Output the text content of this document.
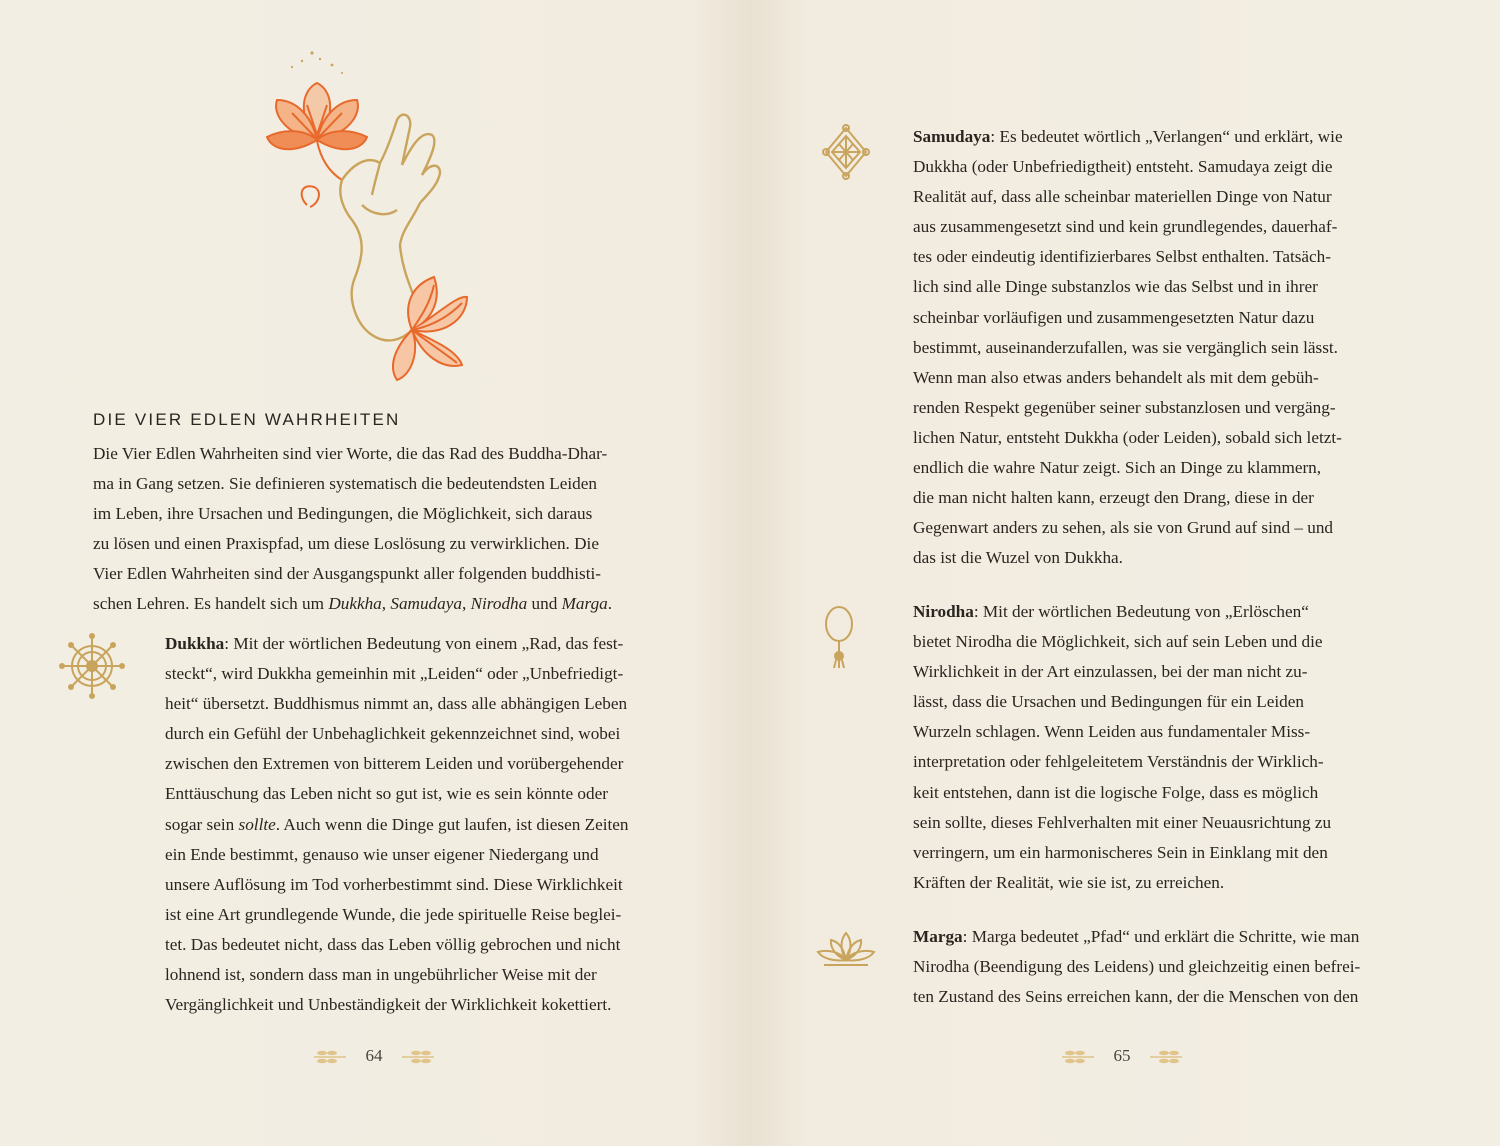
DIE VIER EDLEN WAHRHEITEN
Die Vier Edlen Wahrheiten sind vier Worte, die das Rad des Buddha-Dhar-
ma in Gang setzen. Sie definieren systematisch die bedeutendsten Leiden
im Leben, ihre Ursachen und Bedingungen, die Möglichkeit, sich daraus
zu lösen und einen Praxispfad, um diese Loslösung zu verwirklichen. Die
Vier Edlen Wahrheiten sind der Ausgangspunkt aller folgenden buddhisti-
schen Lehren. Es handelt sich um Dukkha, Samudaya, Nirodha und Marga.
Dukkha: Mit der wörtlichen Bedeutung von einem „Rad, das fest-
steckt“, wird Dukkha gemeinhin mit „Leiden“ oder „Unbefriedigt-
heit“ übersetzt. Buddhismus nimmt an, dass alle abhängigen Leben
durch ein Gefühl der Unbehaglichkeit gekennzeichnet sind, wobei
zwischen den Extremen von bitterem Leiden und vorübergehender
Enttäuschung das Leben nicht so gut ist, wie es sein könnte oder
sogar sein sollte. Auch wenn die Dinge gut laufen, ist diesen Zeiten
ein Ende bestimmt, genauso wie unser eigener Niedergang und
unsere Auflösung im Tod vorherbestimmt sind. Diese Wirklichkeit
ist eine Art grundlegende Wunde, die jede spirituelle Reise beglei-
tet. Das bedeutet nicht, dass das Leben völlig gebrochen und nicht
lohnend ist, sondern dass man in ungebührlicher Weise mit der
Vergänglichkeit und Unbeständigkeit der Wirklichkeit kokettiert.
64
Samudaya: Es bedeutet wörtlich „Verlangen“ und erklärt, wie
Dukkha (oder Unbefriedigtheit) entsteht. Samudaya zeigt die
Realität auf, dass alle scheinbar materiellen Dinge von Natur
aus zusammengesetzt sind und kein grundlegendes, dauerhaf-
tes oder eindeutig identifizierbares Selbst enthalten. Tatsäch-
lich sind alle Dinge substanzlos wie das Selbst und in ihrer
scheinbar vorläufigen und zusammengesetzten Natur dazu
bestimmt, auseinanderzufallen, was sie vergänglich sein lässt.
Wenn man also etwas anders behandelt als mit dem gebüh-
renden Respekt gegenüber seiner substanzlosen und vergäng-
lichen Natur, entsteht Dukkha (oder Leiden), sobald sich letzt-
endlich die wahre Natur zeigt. Sich an Dinge zu klammern,
die man nicht halten kann, erzeugt den Drang, diese in der
Gegenwart anders zu sehen, als sie von Grund auf sind – und
das ist die Wuzel von Dukkha.
Nirodha: Mit der wörtlichen Bedeutung von „Erlöschen“
bietet Nirodha die Möglichkeit, sich auf sein Leben und die
Wirklichkeit in der Art einzulassen, bei der man nicht zu-
lässt, dass die Ursachen und Bedingungen für ein Leiden
Wurzeln schlagen. Wenn Leiden aus fundamentaler Miss-
interpretation oder fehlgeleitetem Verständnis der Wirklich-
keit entstehen, dann ist die logische Folge, dass es möglich
sein sollte, dieses Fehlverhalten mit einer Neuausrichtung zu
verringern, um ein harmonischeres Sein in Einklang mit den
Kräften der Realität, wie sie ist, zu erreichen.
Marga: Marga bedeutet „Pfad“ und erklärt die Schritte, wie man
Nirodha (Beendigung des Leidens) und gleichzeitig einen befrei-
ten Zustand des Seins erreichen kann, der die Menschen von den
65
